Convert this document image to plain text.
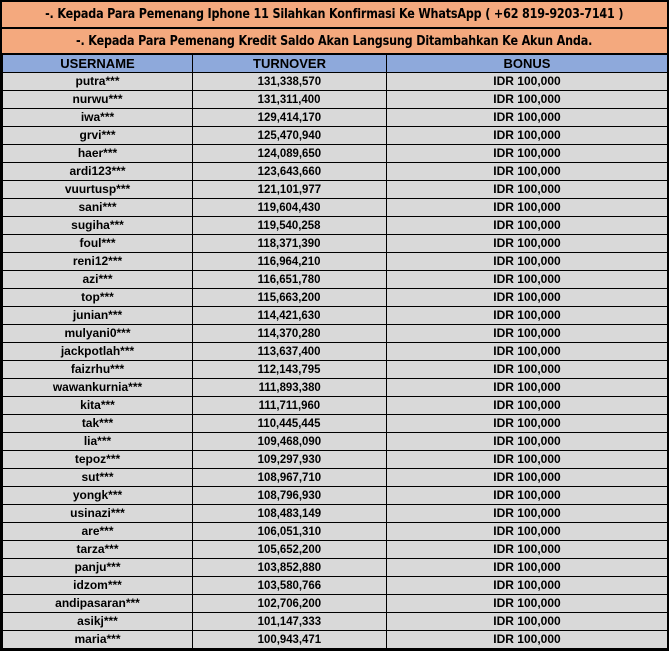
-. Kepada Para Pemenang Iphone 11 Silahkan Konfirmasi Ke WhatsApp ( +62 819-9203-7141 )
-. Kepada Para Pemenang Kredit Saldo Akan Langsung Ditambahkan Ke Akun Anda.
USERNAME	TURNOVER	BONUS
putra***	131,338,570	IDR 100,000
nurwu***	131,311,400	IDR 100,000
iwa***	129,414,170	IDR 100,000
grvi***	125,470,940	IDR 100,000
haer***	124,089,650	IDR 100,000
ardi123***	123,643,660	IDR 100,000
vuurtusp***	121,101,977	IDR 100,000
sani***	119,604,430	IDR 100,000
sugiha***	119,540,258	IDR 100,000
foul***	118,371,390	IDR 100,000
reni12***	116,964,210	IDR 100,000
azi***	116,651,780	IDR 100,000
top***	115,663,200	IDR 100,000
junian***	114,421,630	IDR 100,000
mulyani0***	114,370,280	IDR 100,000
jackpotlah***	113,637,400	IDR 100,000
faizrhu***	112,143,795	IDR 100,000
wawankurnia***	111,893,380	IDR 100,000
kita***	111,711,960	IDR 100,000
tak***	110,445,445	IDR 100,000
lia***	109,468,090	IDR 100,000
tepoz***	109,297,930	IDR 100,000
sut***	108,967,710	IDR 100,000
yongk***	108,796,930	IDR 100,000
usinazi***	108,483,149	IDR 100,000
are***	106,051,310	IDR 100,000
tarza***	105,652,200	IDR 100,000
panju***	103,852,880	IDR 100,000
idzom***	103,580,766	IDR 100,000
andipasaran***	102,706,200	IDR 100,000
asikj***	101,147,333	IDR 100,000
maria***	100,943,471	IDR 100,000
